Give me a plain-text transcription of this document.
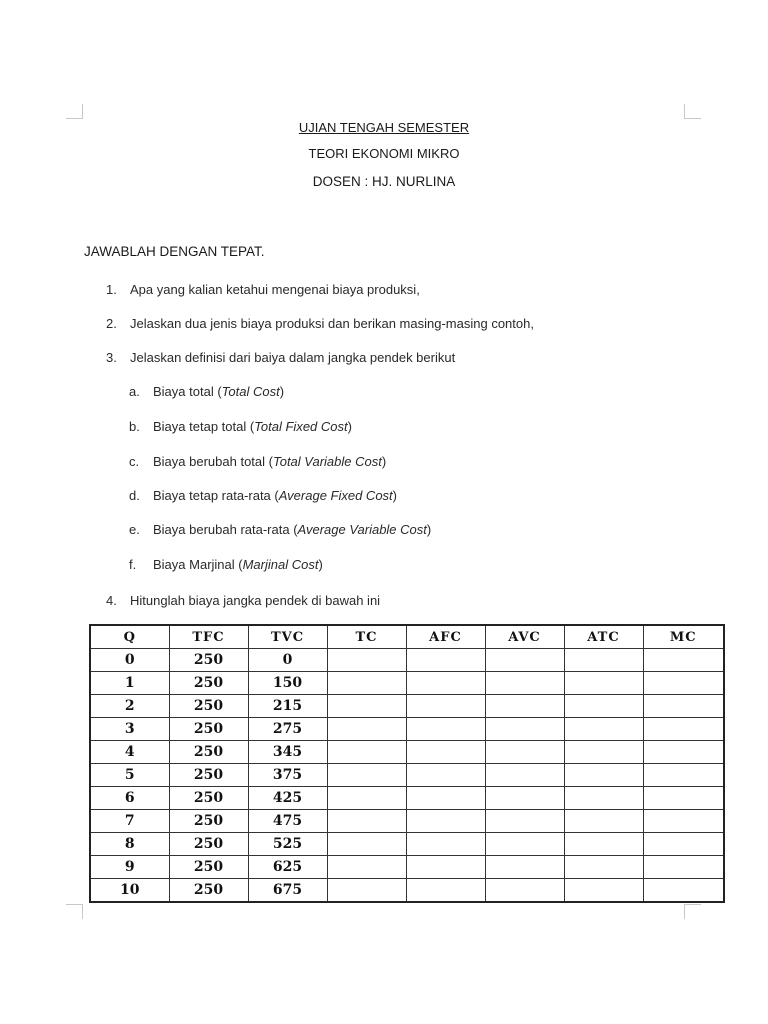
UJIAN TENGAH SEMESTER
TEORI EKONOMI MIKRO
DOSEN : HJ. NURLINA
JAWABLAH DENGAN TEPAT.
1. Apa yang kalian ketahui mengenai biaya produksi,
2. Jelaskan dua jenis biaya produksi dan berikan masing-masing contoh,
3. Jelaskan definisi dari baiya dalam jangka pendek berikut
a. Biaya total (Total Cost)
b. Biaya tetap total (Total Fixed Cost)
c. Biaya berubah total (Total Variable Cost)
d. Biaya tetap rata-rata (Average Fixed Cost)
e. Biaya berubah rata-rata (Average Variable Cost)
f. Biaya Marjinal (Marjinal Cost)
4. Hitunglah biaya jangka pendek di bawah ini
Q	TFC	TVC	TC	AFC	AVC	ATC	MC
0	250	0					
1	250	150					
2	250	215					
3	250	275					
4	250	345					
5	250	375					
6	250	425					
7	250	475					
8	250	525					
9	250	625					
10	250	675					
